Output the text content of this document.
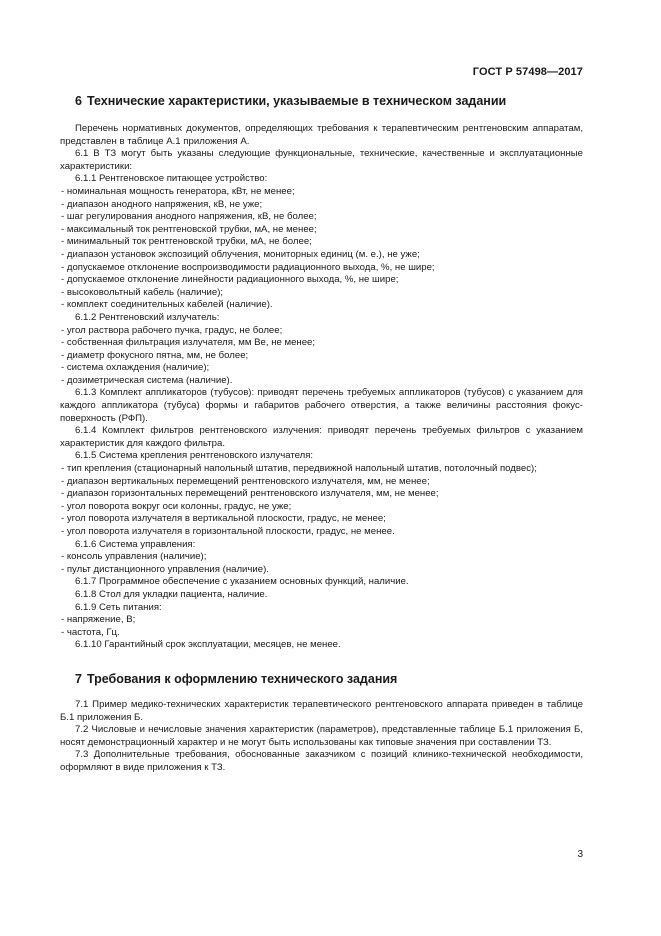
ГОСТ Р 57498—2017
6 Технические характеристики, указываемые в техническом задании

Перечень нормативных документов, определяющих требования к терапевтическим рентгеновским аппаратам, представлен в таблице А.1 приложения А.

6.1 В ТЗ могут быть указаны следующие функциональные, технические, качественные и эксплуатационные характеристики:

6.1.1 Рентгеновское питающее устройство:

- номинальная мощность генератора, кВт, не менее;

- диапазон анодного напряжения, кВ, не уже;

- шаг регулирования анодного напряжения, кВ, не более;

- максимальный ток рентгеновской трубки, мА, не менее;

- минимальный ток рентгеновской трубки, мА, не более;

- диапазон установок экспозиций облучения, мониторных единиц (м. е.), не уже;

- допускаемое отклонение воспроизводимости радиационного выхода, %, не шире;

- допускаемое отклонение линейности радиационного выхода, %, не шире;

- высоковольтный кабель (наличие);

- комплект соединительных кабелей (наличие).

6.1.2 Рентгеновский излучатель:

- угол раствора рабочего пучка, градус, не более;

- собственная фильтрация излучателя, мм Ве, не менее;

- диаметр фокусного пятна, мм, не более;

- система охлаждения (наличие);

- дозиметрическая система (наличие).

6.1.3 Комплект аппликаторов (тубусов): приводят перечень требуемых аппликаторов (тубусов) с указанием для каждого аппликатора (тубуса) формы и габаритов рабочего отверстия, а также величины расстояния фокус-поверхность (РФП).

6.1.4 Комплект фильтров рентгеновского излучения: приводят перечень требуемых фильтров с указанием характеристик для каждого фильтра.

6.1.5 Система крепления рентгеновского излучателя:

- тип крепления (стационарный напольный штатив, передвижной напольный штатив, потолочный подвес);

- диапазон вертикальных перемещений рентгеновского излучателя, мм, не менее;

- диапазон горизонтальных перемещений рентгеновского излучателя, мм, не менее;

- угол поворота вокруг оси колонны, градус, не уже;

- угол поворота излучателя в вертикальной плоскости, градус, не менее;

- угол поворота излучателя в горизонтальной плоскости, градус, не менее.

6.1.6 Система управления:

- консоль управления (наличие);

- пульт дистанционного управления (наличие).

6.1.7 Программное обеспечение с указанием основных функций, наличие.

6.1.8 Стол для укладки пациента, наличие.

6.1.9 Сеть питания:

- напряжение, В;

- частота, Гц.

6.1.10 Гарантийный срок эксплуатации, месяцев, не менее.

7 Требования к оформлению технического задания

7.1 Пример медико-технических характеристик терапевтического рентгеновского аппарата приведен в таблице Б.1 приложения Б.

7.2 Числовые и нечисловые значения характеристик (параметров), представленные таблице Б.1 приложения Б, носят демонстрационный характер и не могут быть использованы как типовые значения при составлении ТЗ.

7.3 Дополнительные требования, обоснованные заказчиком с позиций клинико-технической необходимости, оформляют в виде приложения к ТЗ.

3
